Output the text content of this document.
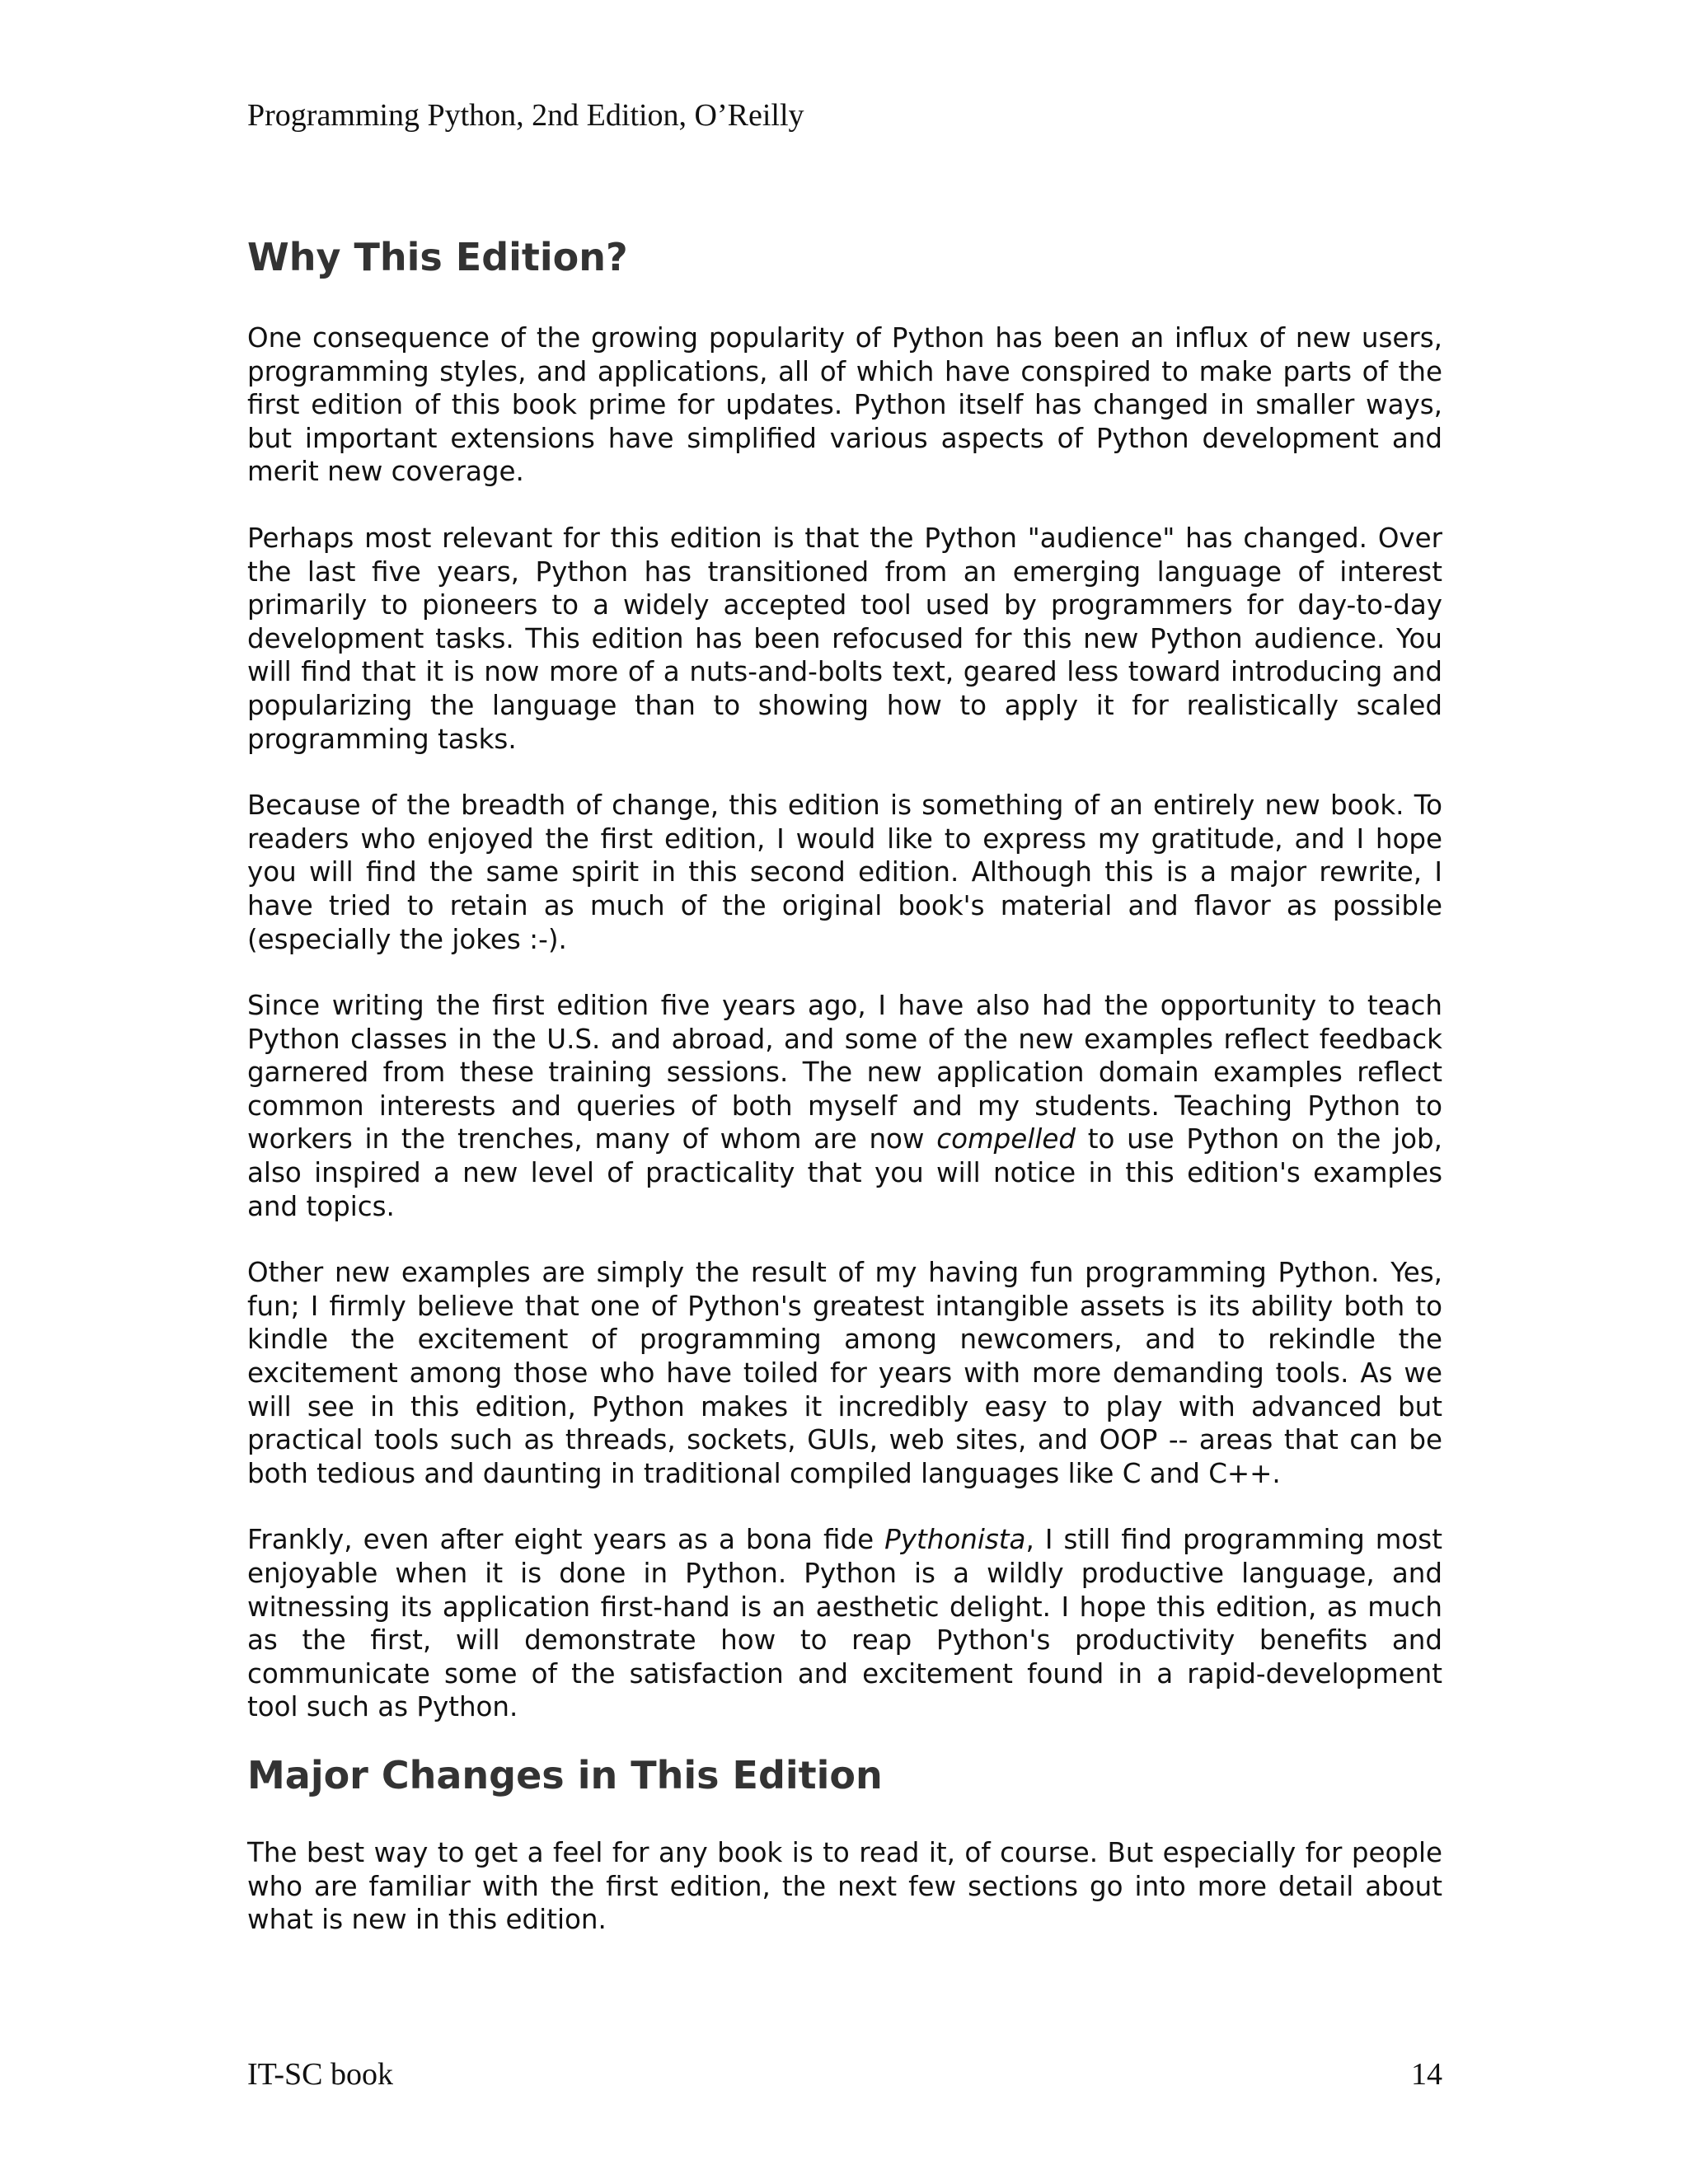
Programming Python, 2nd Edition, O’Reilly
Why This Edition?

One consequence of the growing popularity of Python has been an influx of new users, programming styles, and applications, all of which have conspired to make parts of the first edition of this book prime for updates. Python itself has changed in smaller ways, but important extensions have simplified various aspects of Python development and merit new coverage.

Perhaps most relevant for this edition is that the Python "audience" has changed. Over the last five years, Python has transitioned from an emerging language of interest primarily to pioneers to a widely accepted tool used by programmers for day-to-day development tasks. This edition has been refocused for this new Python audience. You will find that it is now more of a nuts-and-bolts text, geared less toward introducing and popularizing the language than to showing how to apply it for realistically scaled programming tasks.

Because of the breadth of change, this edition is something of an entirely new book. To readers who enjoyed the first edition, I would like to express my gratitude, and I hope you will find the same spirit in this second edition. Although this is a major rewrite, I have tried to retain as much of the original book's material and flavor as possible (especially the jokes :-).

Since writing the first edition five years ago, I have also had the opportunity to teach Python classes in the U.S. and abroad, and some of the new examples reflect feedback garnered from these training sessions. The new application domain examples reflect common interests and queries of both myself and my students. Teaching Python to workers in the trenches, many of whom are now compelled to use Python on the job, also inspired a new level of practicality that you will notice in this edition's examples and topics.

Other new examples are simply the result of my having fun programming Python. Yes, fun; I firmly believe that one of Python's greatest intangible assets is its ability both to kindle the excitement of programming among newcomers, and to rekindle the excitement among those who have toiled for years with more demanding tools. As we will see in this edition, Python makes it incredibly easy to play with advanced but practical tools such as threads, sockets, GUIs, web sites, and OOP -- areas that can be both tedious and daunting in traditional compiled languages like C and C++.

Frankly, even after eight years as a bona fide Pythonista, I still find programming most enjoyable when it is done in Python. Python is a wildly productive language, and witnessing its application first-hand is an aesthetic delight. I hope this edition, as much as the first, will demonstrate how to reap Python's productivity benefits and communicate some of the satisfaction and excitement found in a rapid-development tool such as Python.

Major Changes in This Edition

The best way to get a feel for any book is to read it, of course. But especially for people who are familiar with the first edition, the next few sections go into more detail about what is new in this edition.

IT-SC book	14
